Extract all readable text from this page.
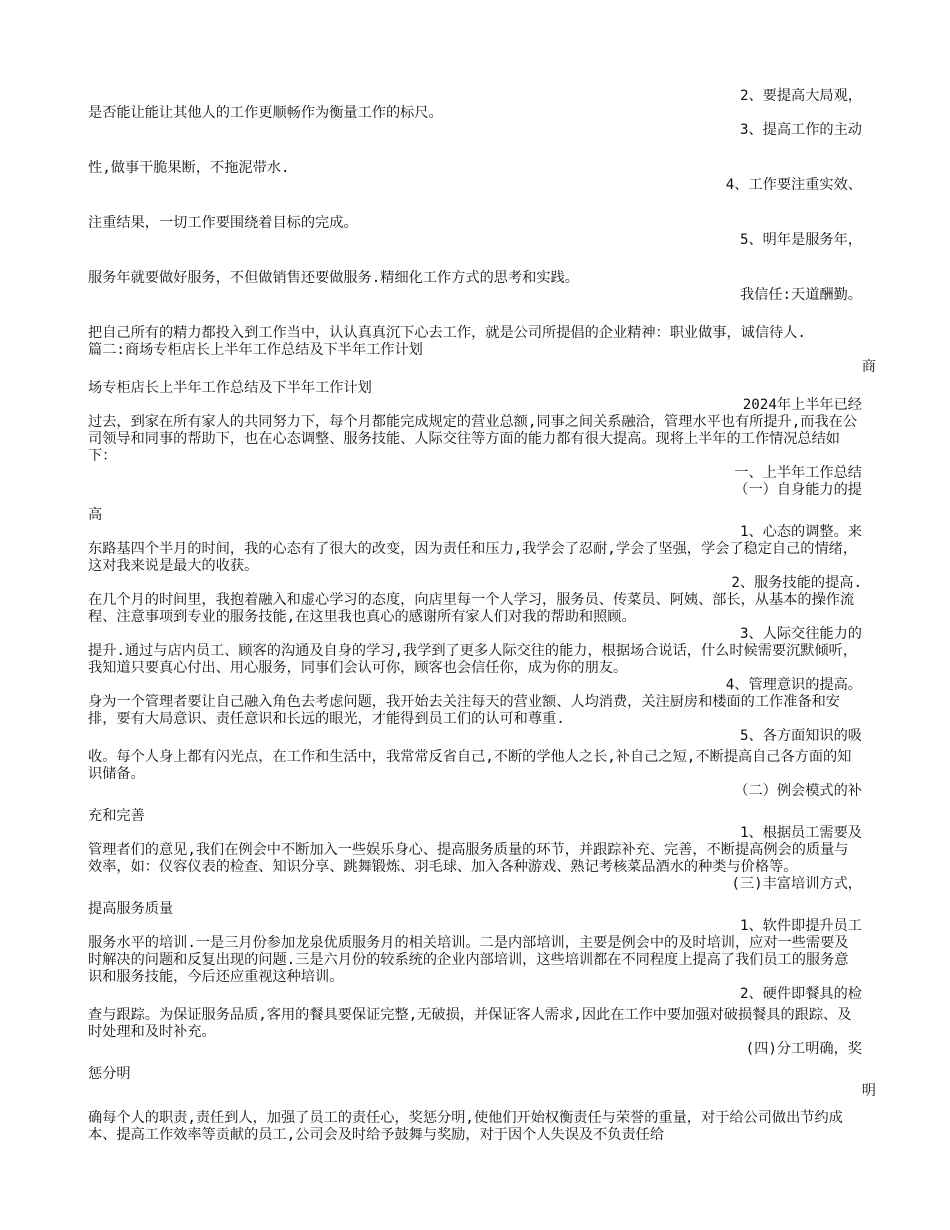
2、要提高大局观，
是否能让能让其他人的工作更顺畅作为衡量工作的标尺。
3、提高工作的主动
性,做事干脆果断，不拖泥带水.
4、工作要注重实效、
注重结果，一切工作要围绕着目标的完成。
5、明年是服务年，
服务年就要做好服务，不但做销售还要做服务.精细化工作方式的思考和实践。
我信任:天道酬勤。
把自己所有的精力都投入到工作当中，认认真真沉下心去工作，就是公司所提倡的企业精神：职业做事，诚信待人.
篇二:商场专柜店长上半年工作总结及下半年工作计划
商
场专柜店长上半年工作总结及下半年工作计划
2024年上半年已经
过去，到家在所有家人的共同努力下，每个月都能完成规定的营业总额,同事之间关系融洽，管理水平也有所提升,而我在公司领导和同事的帮助下，也在心态调整、服务技能、人际交往等方面的能力都有很大提高。现将上半年的工作情况总结如下：
一、上半年工作总结
（一）自身能力的提
高
1、心态的调整。来
东路基四个半月的时间，我的心态有了很大的改变，因为责任和压力,我学会了忍耐,学会了坚强，学会了稳定自己的情绪，这对我来说是最大的收获。
2、服务技能的提高.
在几个月的时间里，我抱着融入和虚心学习的态度，向店里每一个人学习，服务员、传菜员、阿姨、部长，从基本的操作流程、注意事项到专业的服务技能,在这里我也真心的感谢所有家人们对我的帮助和照顾。
3、人际交往能力的
提升.通过与店内员工、顾客的沟通及自身的学习,我学到了更多人际交往的能力，根据场合说话，什么时候需要沉默倾听，我知道只要真心付出、用心服务，同事们会认可你，顾客也会信任你，成为你的朋友。
4、管理意识的提高。
身为一个管理者要让自己融入角色去考虑问题，我开始去关注每天的营业额、人均消费，关注厨房和楼面的工作准备和安排，要有大局意识、责任意识和长远的眼光，才能得到员工们的认可和尊重.
5、各方面知识的吸
收。每个人身上都有闪光点，在工作和生活中，我常常反省自己,不断的学他人之长,补自己之短,不断提高自己各方面的知识储备。
（二）例会模式的补
充和完善
1、根据员工需要及
管理者们的意见,我们在例会中不断加入一些娱乐身心、提高服务质量的环节，并跟踪补充、完善，不断提高例会的质量与效率，如：仪容仪表的检查、知识分享、跳舞锻炼、羽毛球、加入各种游戏、熟记考核菜品酒水的种类与价格等。
(三)丰富培训方式，
提高服务质量
1、软件即提升员工
服务水平的培训.一是三月份参加龙泉优质服务月的相关培训。二是内部培训，主要是例会中的及时培训，应对一些需要及时解决的问题和反复出现的问题.三是六月份的较系统的企业内部培训，这些培训都在不同程度上提高了我们员工的服务意识和服务技能，今后还应重视这种培训。
2、硬件即餐具的检
查与跟踪。为保证服务品质,客用的餐具要保证完整,无破损，并保证客人需求,因此在工作中要加强对破损餐具的跟踪、及时处理和及时补充。
(四)分工明确，奖
惩分明
明
确每个人的职责,责任到人，加强了员工的责任心，奖惩分明,使他们开始权衡责任与荣誉的重量，对于给公司做出节约成本、提高工作效率等贡献的员工,公司会及时给予鼓舞与奖励，对于因个人失误及不负责任给
